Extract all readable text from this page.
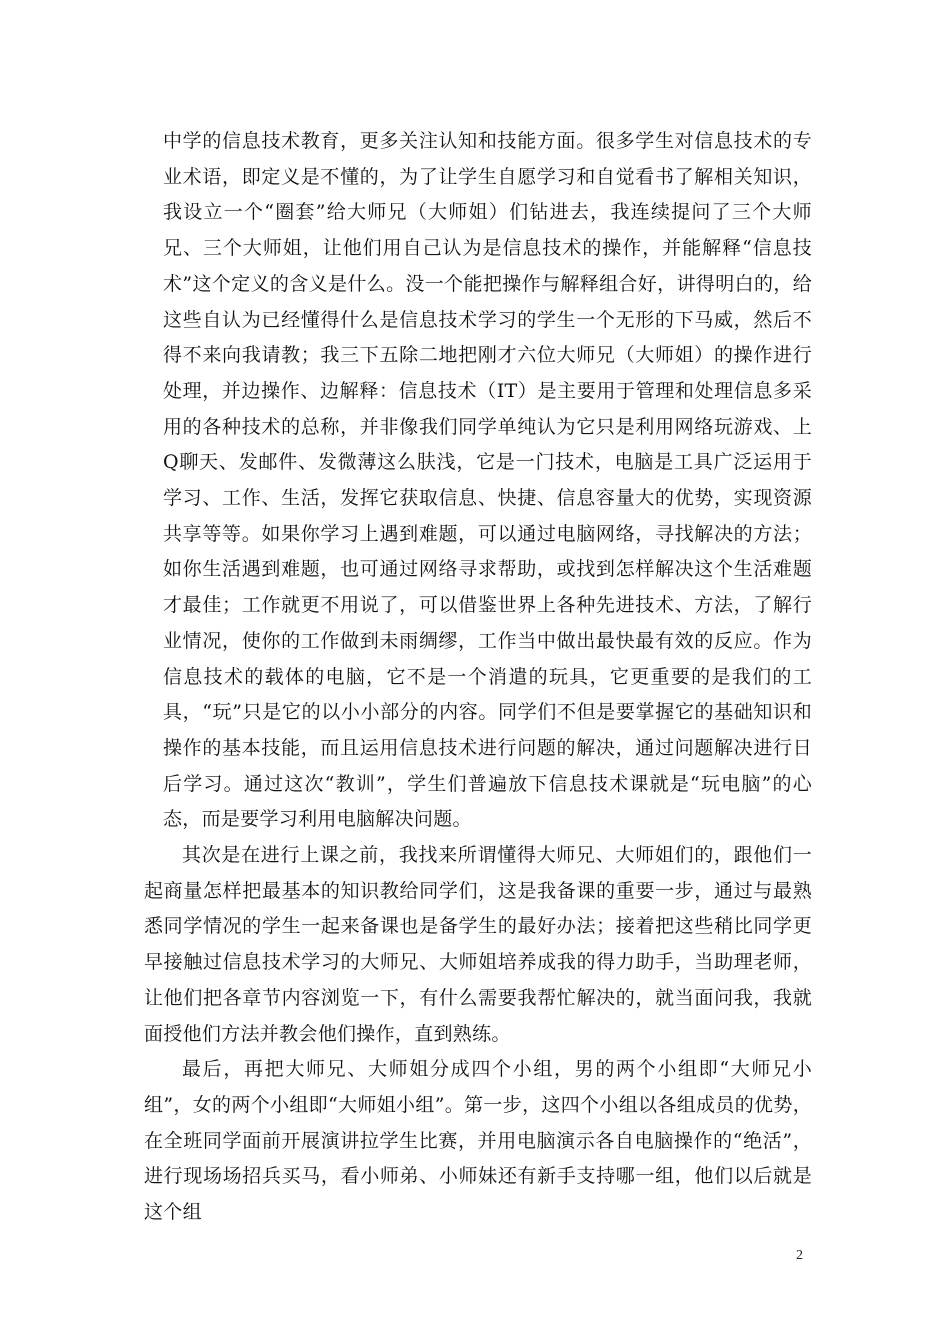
中学的信息技术教育，更多关注认知和技能方面。很多学生对信息技术的专业术语，即定义是不懂的，为了让学生自愿学习和自觉看书了解相关知识，我设立一个“圈套”给大师兄（大师姐）们钻进去，我连续提问了三个大师兄、三个大师姐，让他们用自己认为是信息技术的操作，并能解释“信息技术”这个定义的含义是什么。没一个能把操作与解释组合好，讲得明白的，给这些自认为已经懂得什么是信息技术学习的学生一个无形的下马威，然后不得不来向我请教；我三下五除二地把刚才六位大师兄（大师姐）的操作进行处理，并边操作、边解释：信息技术（IT）是主要用于管理和处理信息多采用的各种技术的总称，并非像我们同学单纯认为它只是利用网络玩游戏、上Q聊天、发邮件、发微薄这么肤浅，它是一门技术，电脑是工具广泛运用于学习、工作、生活，发挥它获取信息、快捷、信息容量大的优势，实现资源共享等等。如果你学习上遇到难题，可以通过电脑网络，寻找解决的方法；如你生活遇到难题，也可通过网络寻求帮助，或找到怎样解决这个生活难题才最佳；工作就更不用说了，可以借鉴世界上各种先进技术、方法，了解行业情况，使你的工作做到未雨绸缪，工作当中做出最快最有效的反应。作为信息技术的载体的电脑，它不是一个消遣的玩具，它更重要的是我们的工具，“玩”只是它的以小小部分的内容。同学们不但是要掌握它的基础知识和操作的基本技能，而且运用信息技术进行问题的解决，通过问题解决进行日后学习。通过这次“教训”，学生们普遍放下信息技术课就是“玩电脑”的心态，而是要学习利用电脑解决问题。

其次是在进行上课之前，我找来所谓懂得大师兄、大师姐们的，跟他们一起商量怎样把最基本的知识教给同学们，这是我备课的重要一步，通过与最熟悉同学情况的学生一起来备课也是备学生的最好办法；接着把这些稍比同学更早接触过信息技术学习的大师兄、大师姐培养成我的得力助手，当助理老师，让他们把各章节内容浏览一下，有什么需要我帮忙解决的，就当面问我，我就面授他们方法并教会他们操作，直到熟练。

最后，再把大师兄、大师姐分成四个小组，男的两个小组即“大师兄小组”，女的两个小组即“大师姐小组”。第一步，这四个小组以各组成员的优势，在全班同学面前开展演讲拉学生比赛，并用电脑演示各自电脑操作的“绝活”，进行现场场招兵买马，看小师弟、小师妹还有新手支持哪一组，他们以后就是这个组

2
